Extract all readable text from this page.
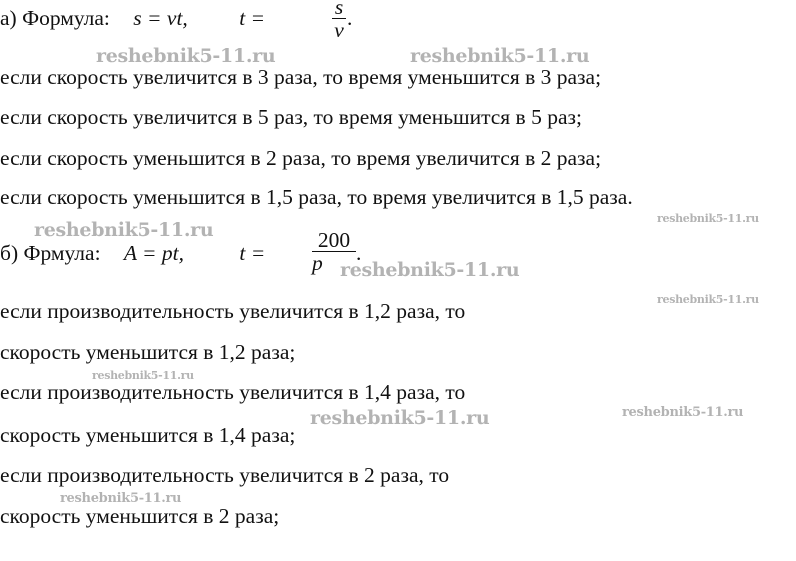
а) Формула: s = vt, t =	s
v .
если скорость увеличится в 3 раза, то время уменьшится в 3 раза;
если скорость увеличится в 5 раз, то время уменьшится в 5 раз;
если скорость уменьшится в 2 раза, то время увеличится в 2 раза;
если скорость уменьшится в 1,5 раза, то время увеличится в 1,5 раза.
б) Фрмула: A = pt,	t =
200
p	.
если производительность увеличится в 1,2 раза, то
скорость уменьшится в 1,2 раза;
если производительность увеличится в 1,4 раза, то
скорость уменьшится в 1,4 раза;
если производительность увеличится в 2 раза, то
скорость уменьшится в 2 раза;
reshebnik5-11.ru	reshebnik5-11.ru
reshebnik5-11.ru
reshebnik5-11.ru
reshebnik5-11.ru
reshebnik5-11.ru
reshebnik5-11.ru
reshebnik5-11.ru	reshebnik5-11.ru
reshebnik5-11.ru
